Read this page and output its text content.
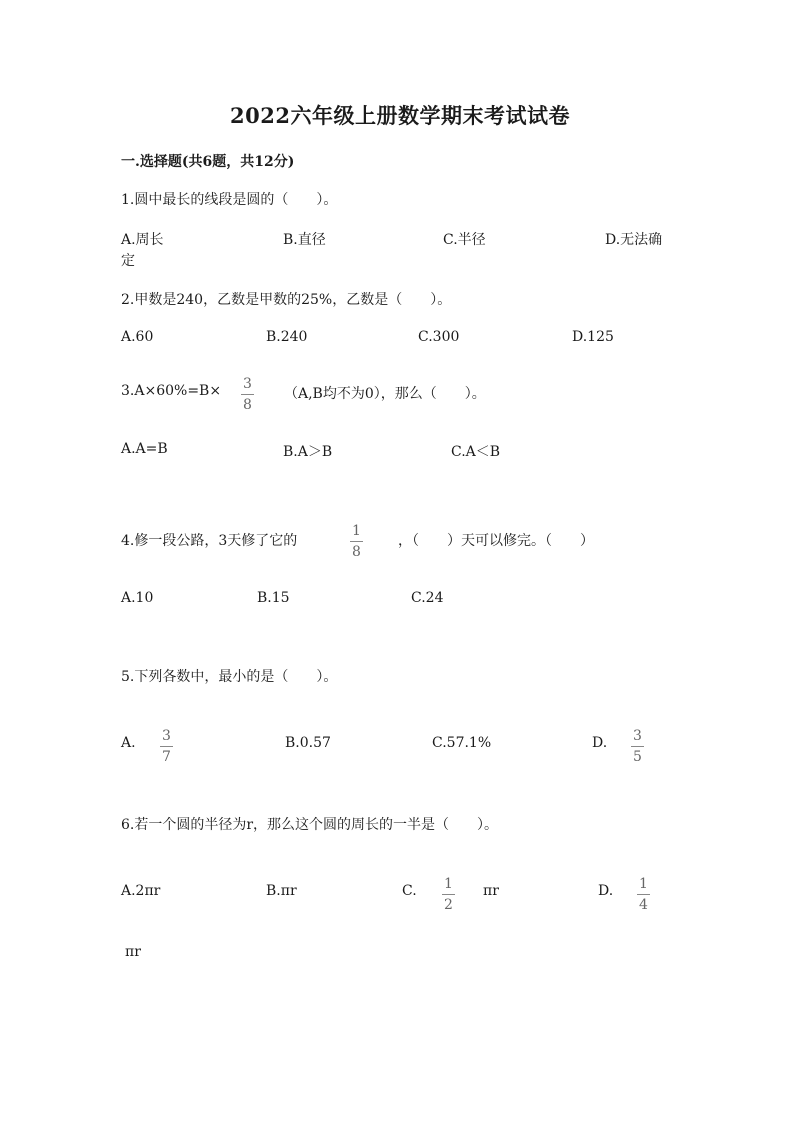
2022六年级上册数学期末考试试卷
一.选择题(共6题，共12分)
1.圆中最长的线段是圆的（　　）。
A.周长	B.直径	C.半径	D.无法确
定
2.甲数是240，乙数是甲数的25%，乙数是（　　）。
A.60	B.240	C.300	D.125
3.A×60%=B× 3
8
（A,B均不为0），那么（　　）。
A.A=B	B.A＞B	C.A＜B
4.修一段公路，3天修了它的
1
8
，（　　）天可以修完。（　　）
A.10	B.15	C.24
5.下列各数中，最小的是（　　）。
A. 3
7
B.0.57	C.57.1%	D. 3
5
6.若一个圆的半径为r，那么这个圆的周长的一半是（　　）。
A.2πr	B.πr	C. 1
2
πr	D. 1
4
πr
